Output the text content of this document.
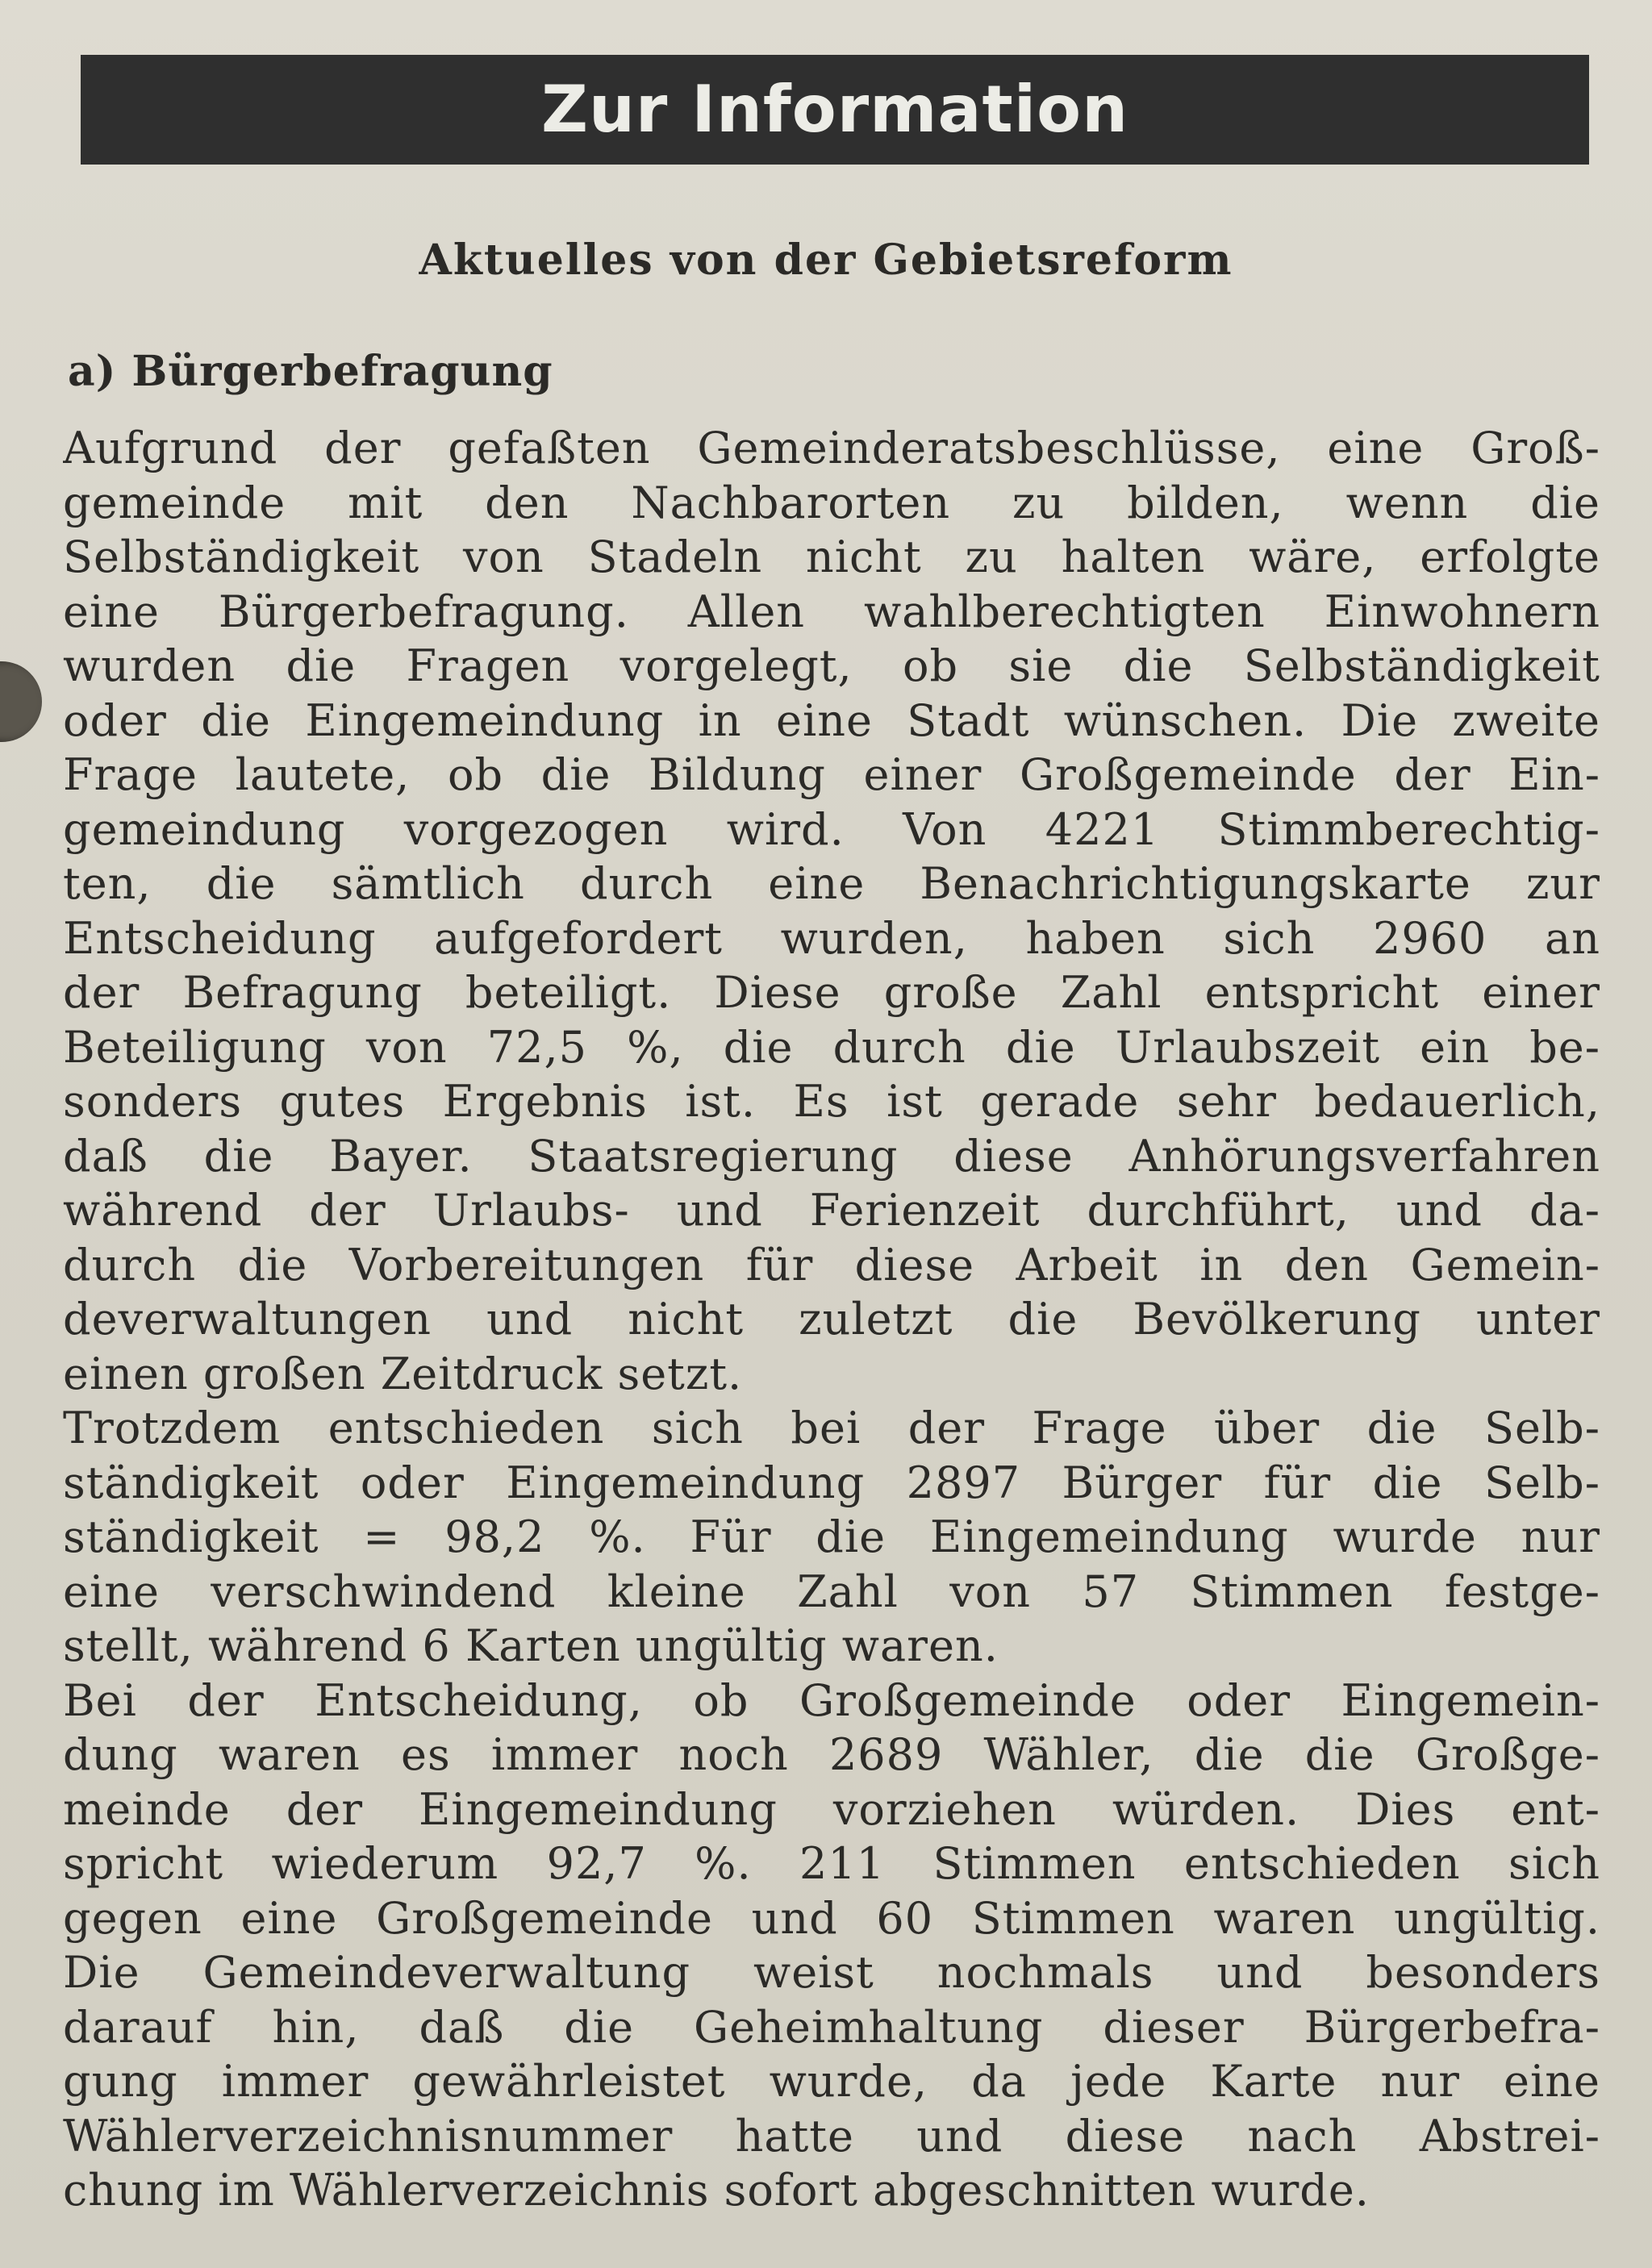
Zur Information
Aktuelles von der Gebietsreform
a) Bürgerbefragung
Aufgrund der gefaßten Gemeinderatsbeschlüsse, eine Groß-
gemeinde mit den Nachbarorten zu bilden, wenn die
Selbständigkeit von Stadeln nicht zu halten wäre, erfolgte
eine Bürgerbefragung. Allen wahlberechtigten Einwohnern
wurden die Fragen vorgelegt, ob sie die Selbständigkeit
oder die Eingemeindung in eine Stadt wünschen. Die zweite
Frage lautete, ob die Bildung einer Großgemeinde der Ein-
gemeindung vorgezogen wird. Von 4221 Stimmberechtig-
ten, die sämtlich durch eine Benachrichtigungskarte zur
Entscheidung aufgefordert wurden, haben sich 2960 an
der Befragung beteiligt. Diese große Zahl entspricht einer
Beteiligung von 72,5 %, die durch die Urlaubszeit ein be-
sonders gutes Ergebnis ist. Es ist gerade sehr bedauerlich,
daß die Bayer. Staatsregierung diese Anhörungsverfahren
während der Urlaubs- und Ferienzeit durchführt, und da-
durch die Vorbereitungen für diese Arbeit in den Gemein-
deverwaltungen und nicht zuletzt die Bevölkerung unter
einen großen Zeitdruck setzt.
Trotzdem entschieden sich bei der Frage über die Selb-
ständigkeit oder Eingemeindung 2897 Bürger für die Selb-
ständigkeit = 98,2 %. Für die Eingemeindung wurde nur
eine verschwindend kleine Zahl von 57 Stimmen festge-
stellt, während 6 Karten ungültig waren.
Bei der Entscheidung, ob Großgemeinde oder Eingemein-
dung waren es immer noch 2689 Wähler, die die Großge-
meinde der Eingemeindung vorziehen würden. Dies ent-
spricht wiederum 92,7 %. 211 Stimmen entschieden sich
gegen eine Großgemeinde und 60 Stimmen waren ungültig.
Die Gemeindeverwaltung weist nochmals und besonders
darauf hin, daß die Geheimhaltung dieser Bürgerbefra-
gung immer gewährleistet wurde, da jede Karte nur eine
Wählerverzeichnisnummer hatte und diese nach Abstrei-
chung im Wählerverzeichnis sofort abgeschnitten wurde.
